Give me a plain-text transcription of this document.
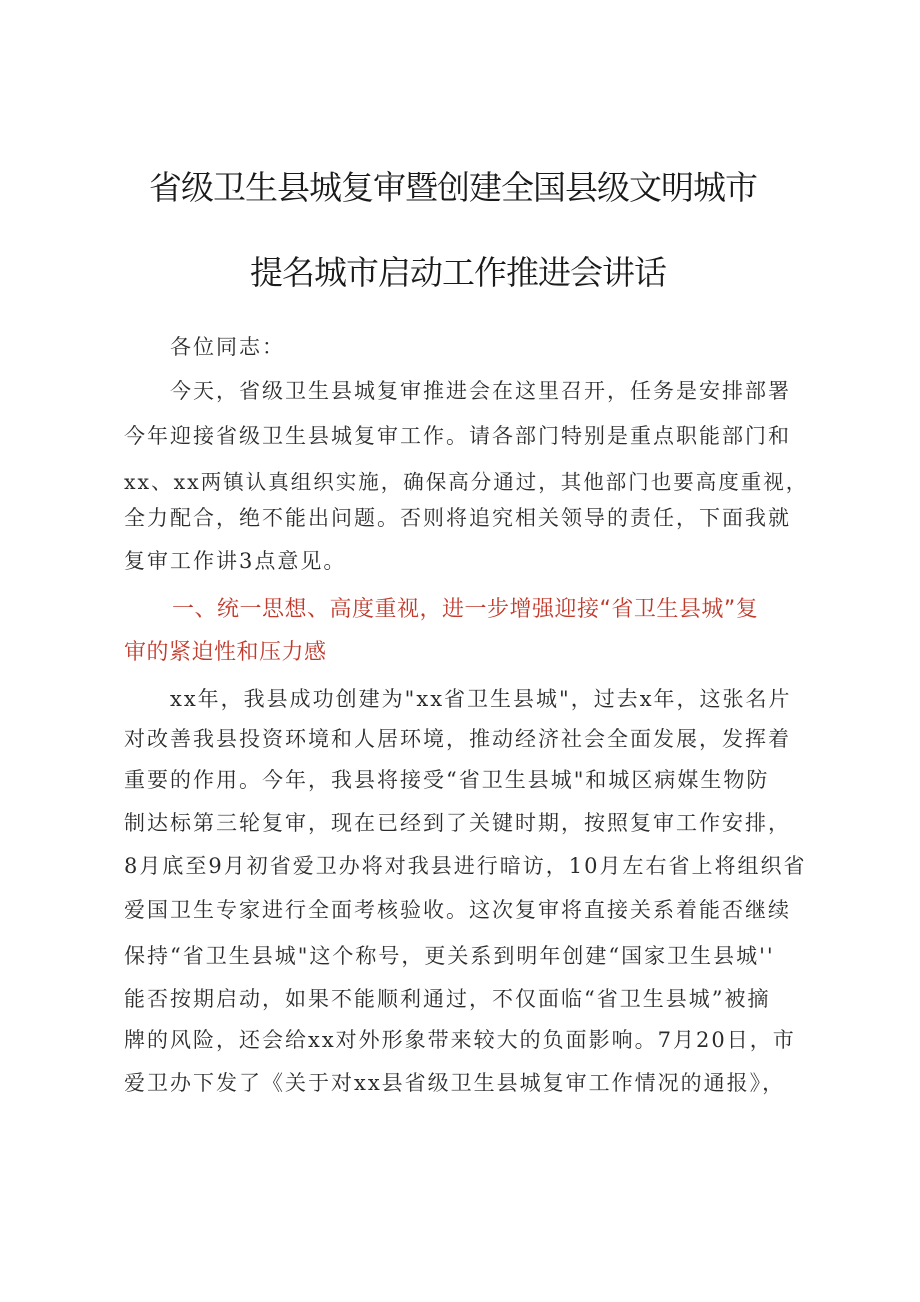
省级卫生县城复审暨创建全国县级文明城市
提名城市启动工作推进会讲话
各位同志：
今天，省级卫生县城复审推进会在这里召开，任务是安排部署
今年迎接省级卫生县城复审工作。请各部门特别是重点职能部门和
xx、xx两镇认真组织实施，确保高分通过，其他部门也要高度重视，
全力配合，绝不能出问题。否则将追究相关领导的责任，下面我就
复审工作讲3点意见。
一、统一思想、高度重视，进一步增强迎接“省卫生县城”复
审的紧迫性和压力感
xx年，我县成功创建为"xx省卫生县城"，过去x年，这张名片
对改善我县投资环境和人居环境，推动经济社会全面发展，发挥着
重要的作用。今年，我县将接受“省卫生县城"和城区病媒生物防
制达标第三轮复审，现在已经到了关键时期，按照复审工作安排，
8月底至9月初省爱卫办将对我县进行暗访，10月左右省上将组织省
爱国卫生专家进行全面考核验收。这次复审将直接关系着能否继续
保持“省卫生县城"这个称号，更关系到明年创建“国家卫生县城''
能否按期启动，如果不能顺利通过，不仅面临“省卫生县城”被摘
牌的风险，还会给xx对外形象带来较大的负面影响。7月20日，市
爱卫办下发了《关于对xx县省级卫生县城复审工作情况的通报》，
